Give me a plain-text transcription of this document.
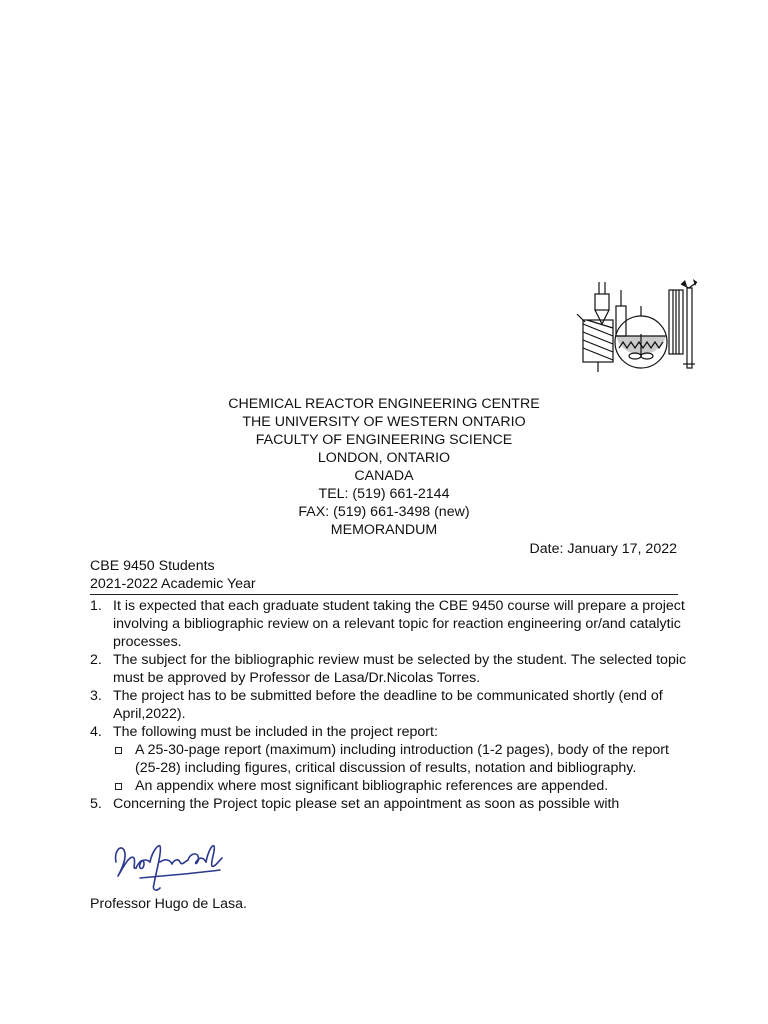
CHEMICAL REACTOR ENGINEERING CENTRE
THE UNIVERSITY OF WESTERN ONTARIO
FACULTY OF ENGINEERING SCIENCE
LONDON, ONTARIO
CANADA
TEL: (519) 661-2144
FAX: (519) 661-3498 (new)
MEMORANDUM
Date: January 17, 2022
CBE 9450 Students
2021-2022 Academic Year
1. It is expected that each graduate student taking the CBE 9450 course will prepare a project involving a bibliographic review on a relevant topic for reaction engineering or/and catalytic processes.
2. The subject for the bibliographic review must be selected by the student. The selected topic must be approved by Professor de Lasa/Dr.Nicolas Torres.
3. The project has to be submitted before the deadline to be communicated shortly (end of April,2022).
4. The following must be included in the project report:
A 25-30-page report (maximum) including introduction (1-2 pages), body of the report (25-28) including figures, critical discussion of results, notation and bibliography.
An appendix where most significant bibliographic references are appended.
5. Concerning the Project topic please set an appointment as soon as possible with
Professor Hugo de Lasa.
